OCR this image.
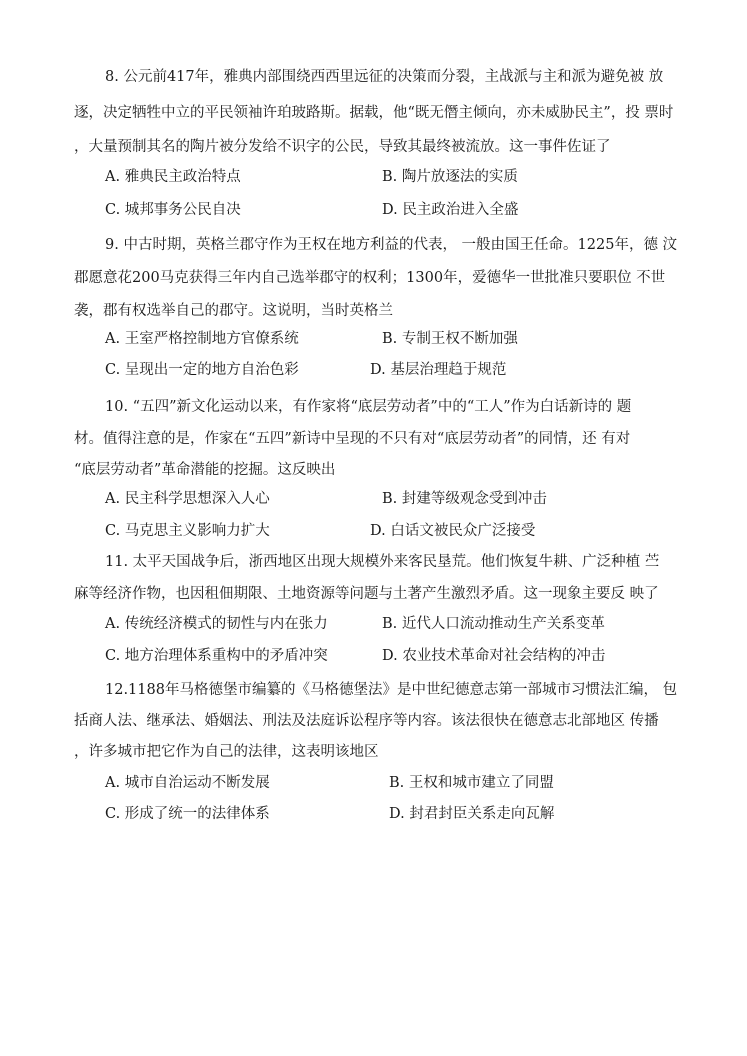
8. 公元前417年，雅典内部围绕西西里远征的决策而分裂，主战派与主和派为避免被 放
逐，决定牺牲中立的平民领袖许珀玻路斯。据载，他“既无僭主倾向，亦未威胁民主”，投 票时
，大量预制其名的陶片被分发给不识字的公民，导致其最终被流放。这一事件佐证了
A. 雅典民主政治特点	B. 陶片放逐法的实质
C. 城邦事务公民自决	D. 民主政治进入全盛
9. 中古时期，英格兰郡守作为王权在地方利益的代表， 一般由国王任命。1225年，德 汶
郡愿意花200马克获得三年内自己选举郡守的权利；1300年，爱德华一世批准只要职位 不世
袭，郡有权选举自己的郡守。这说明，当时英格兰
A. 王室严格控制地方官僚系统	B. 专制王权不断加强
C. 呈现出一定的地方自治色彩	D. 基层治理趋于规范
10. “五四”新文化运动以来，有作家将“底层劳动者”中的“工人”作为白话新诗的 题
材。值得注意的是，作家在“五四”新诗中呈现的不只有对“底层劳动者”的同情，还 有对
“底层劳动者”革命潜能的挖掘。这反映出
A. 民主科学思想深入人心	B. 封建等级观念受到冲击
C. 马克思主义影响力扩大	D. 白话文被民众广泛接受
11. 太平天国战争后，浙西地区出现大规模外来客民垦荒。他们恢复牛耕、广泛种植 苎
麻等经济作物，也因租佃期限、土地资源等问题与土著产生激烈矛盾。这一现象主要反 映了
A. 传统经济模式的韧性与内在张力	B. 近代人口流动推动生产关系变革
C. 地方治理体系重构中的矛盾冲突	D. 农业技术革命对社会结构的冲击
12.1188年马格德堡市编纂的《马格德堡法》是中世纪德意志第一部城市习惯法汇编， 包
括商人法、继承法、婚姻法、刑法及法庭诉讼程序等内容。该法很快在德意志北部地区 传播
，许多城市把它作为自己的法律，这表明该地区
A. 城市自治运动不断发展	B. 王权和城市建立了同盟
C. 形成了统一的法律体系	D. 封君封臣关系走向瓦解
